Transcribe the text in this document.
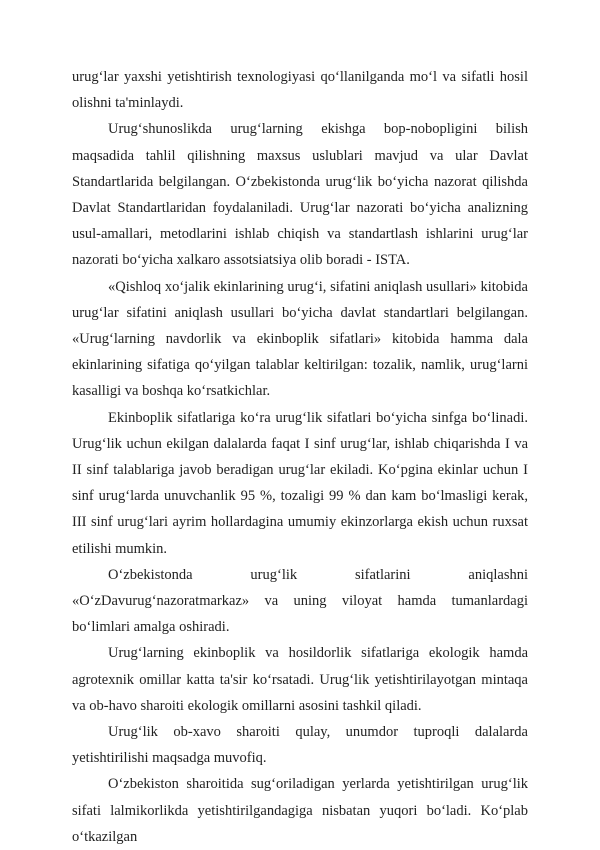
urug‘lar yaxshi yetishtirish texnologiyasi qo‘llanilganda mo‘l va sifatli hosil olishni ta'minlaydi.

Urug‘shunoslikda urug‘larning ekishga bop-nobopligini bilish maqsadida tahlil qilishning maxsus uslublari mavjud va ular Davlat Standartlarida belgilangan. O‘zbekistonda urug‘lik bo‘yicha nazorat qilishda Davlat Standartlaridan foydalaniladi. Urug‘lar nazorati bo‘yicha analizning usul-amallari, metodlarini ishlab chiqish va standartlash ishlarini urug‘lar nazorati bo‘yicha xalkaro assotsiatsiya olib boradi - ISTA.

«Qishloq xo‘jalik ekinlarining urug‘i, sifatini aniqlash usullari» kitobida urug‘lar sifatini aniqlash usullari bo‘yicha davlat standartlari belgilangan. «Urug‘larning navdorlik va ekinboplik sifatlari» kitobida hamma dala ekinlarining sifatiga qo‘yilgan talablar keltirilgan: tozalik, namlik, urug‘larni kasalligi va boshqa ko‘rsatkichlar.

Ekinboplik sifatlariga ko‘ra urug‘lik sifatlari bo‘yicha sinfga bo‘linadi. Urug‘lik uchun ekilgan dalalarda faqat I sinf urug‘lar, ishlab chiqarishda I va II sinf talablariga javob beradigan urug‘lar ekiladi. Ko‘pgina ekinlar uchun I sinf urug‘larda unuvchanlik 95 %, tozaligi 99 % dan kam bo‘lmasligi kerak, III sinf urug‘lari ayrim hollardagina umumiy ekinzorlarga ekish uchun ruxsat etilishi mumkin.

O‘zbekistonda urug‘lik sifatlarini aniqlashni «O‘zDavurug‘nazoratmarkaz» va uning viloyat hamda tumanlardagi bo‘limlari amalga oshiradi.

Urug‘larning ekinboplik va hosildorlik sifatlariga ekologik hamda agrotexnik omillar katta ta'sir ko‘rsatadi. Urug‘lik yetishtirilayotgan mintaqa va ob-havo sharoiti ekologik omillarni asosini tashkil qiladi.

Urug‘lik ob-xavo sharoiti qulay, unumdor tuproqli dalalarda yetishtirilishi maqsadga muvofiq.

O‘zbekiston sharoitida sug‘oriladigan yerlarda yetishtirilgan urug‘lik sifati lalmikorlikda yetishtirilgandagiga nisbatan yuqori bo‘ladi. Ko‘plab o‘tkazilgan
